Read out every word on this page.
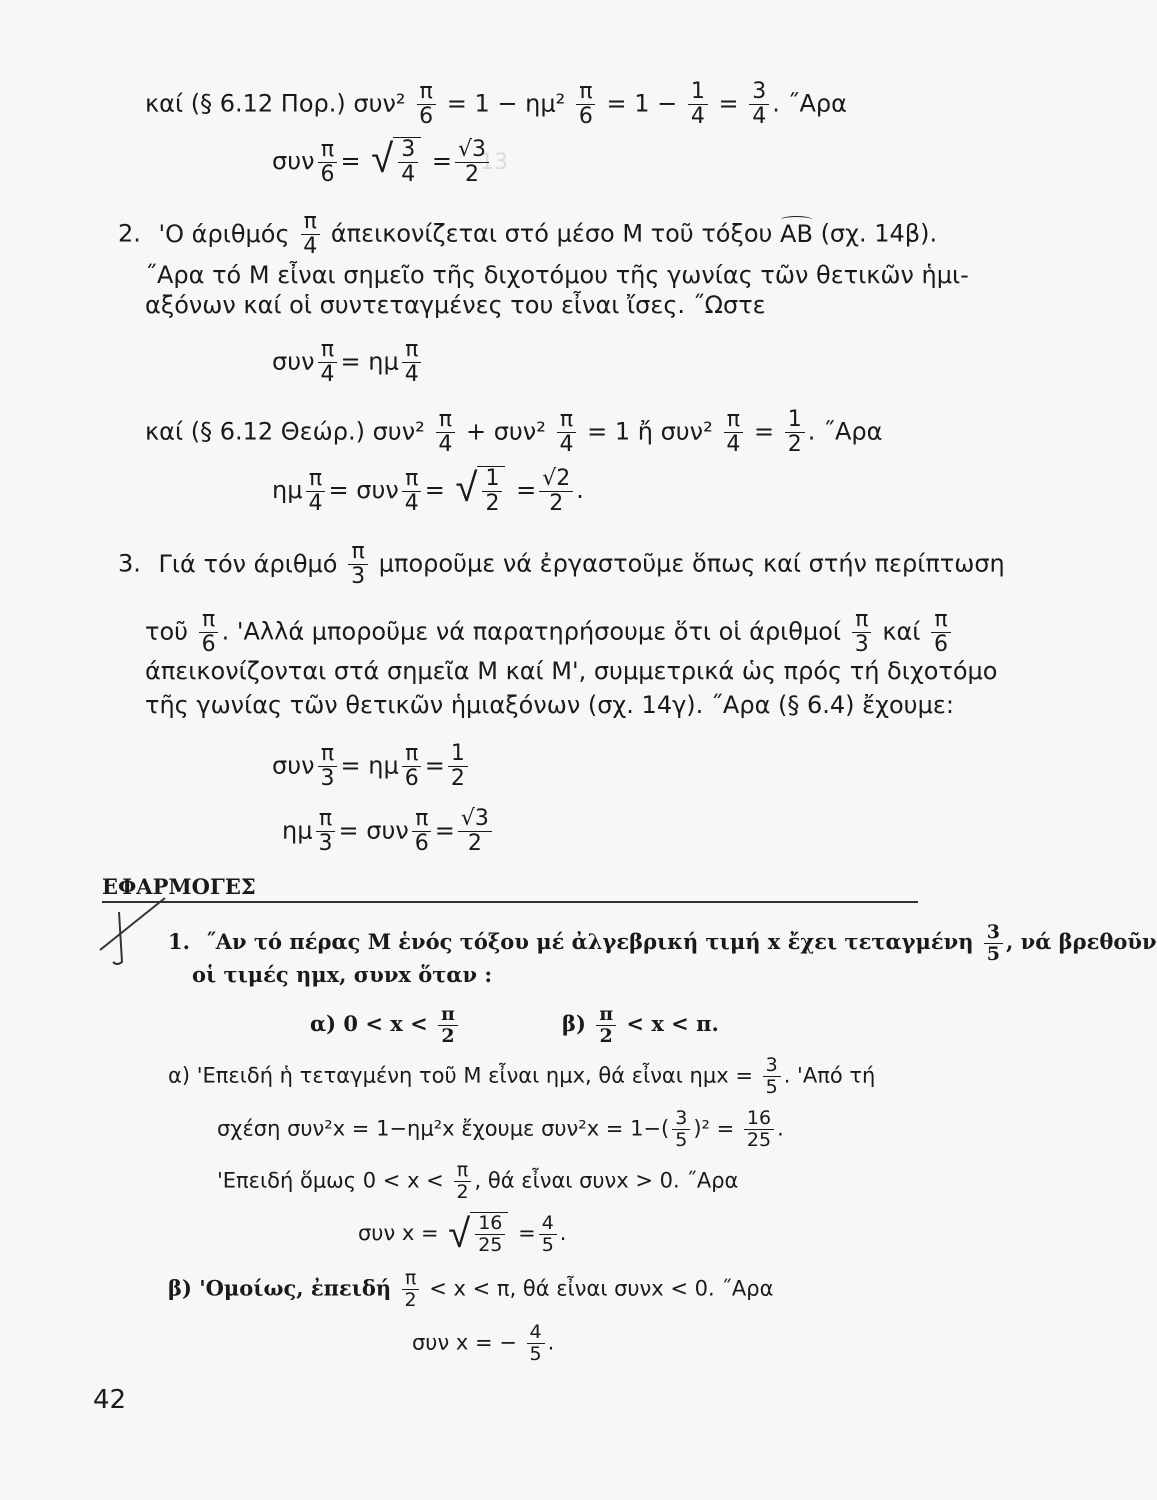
13
καί (§ 6.12 Πορ.) $\sigma\upsilon\nu^2 \frac{\pi}{6} = 1 - \eta\mu^2 \frac{\pi}{6} = 1 - \frac{1}{4} = \frac{3}{4}$ . ˝Αρα
συν $\frac{\pi}{6}$ = √ $\frac{3}{4} = \frac{√3}{2}$
2. 'Ο άριθμός $\frac{\pi}{4}$ άπεικονίζεται στό μέσο Μ τοῦ τόξου ΑΒ (σχ. 14β).
˝Αρα τό Μ εἶναι σημεῖο τῆς διχοτόμου τῆς γωνίας τῶν θετικῶν ἡμι-
αξόνων καί οἱ συντεταγμένες του εἶναι ἴσες. ˝Ωστε
συν $\frac{\pi}{4} = \eta\mu \frac{\pi}{4}$
καί (§ 6.12 Θεώρ.) $\sigma\upsilon\nu^2 \frac{\pi}{4} + \sigma\upsilon\nu^2 \frac{\pi}{4} = 1$ ἤ $\sigma\upsilon\nu^2 \frac{\pi}{4} = \frac{1}{2}$ . ˝Αρα
ημ $\frac{\pi}{4} = \sigma\upsilon\nu \frac{\pi}{4}$ = √ $\frac{1}{2} = \frac{√2}{2}$ .
3. Γιά τόν άριθμό $\frac{\pi}{3}$ μποροῦμε νά ἐργαστοῦμε ὅπως καί στήν περίπτωση
τοῦ $\frac{\pi}{6}$ . 'Αλλά μποροῦμε νά παρατηρήσουμε ὅτι οἱ άριθμοί $\frac{\pi}{3}$ καί $\frac{\pi}{6}$
άπεικονίζονται στά σημεῖα Μ καί Μ', συμμετρικά ὡς πρός τή διχοτόμο
τῆς γωνίας τῶν θετικῶν ἡμιαξόνων (σχ. 14γ). ˝Αρα (§ 6.4) ἔχουμε:
συν $\frac{\pi}{3} = \eta\mu \frac{\pi}{6} = \frac{1}{2}$
ημ $\frac{\pi}{3} = \sigma\upsilon\nu \frac{\pi}{6} = \frac{√3}{2}$
ΕΦΑΡΜΟΓΕΣ
1. ˝Αν τό πέρας Μ ἑνός τόξου μέ ἀλγεβρική τιμή x ἔχει τεταγμένη $\frac{3}{5}$ , νά βρεθοῦν
οἱ τιμές ημx, συνx ὅταν :
α) $0 < x < \frac{\pi}{2}$	$\beta) \frac{\pi}{2} < x < \pi$.
α) 'Επειδή ἡ τεταγμένη τοῦ Μ εἶναι ημx, θά εἶναι $\eta\mu x = \frac{3}{5}$ . 'Από τή
σχέση συν²x = 1−ημ²x ἔχουμε $\sigma\upsilon\nu^2x = 1-( \frac{3}{5} )^2 = \frac{16}{25}$ .
'Επειδή ὅμως $0 < x < \frac{\pi}{2}$ , θά εἶναι συνx > 0. ˝Αρα
συν x = √ $\frac{16}{25} = \frac{4}{5}$ .
β) 'Ομοίως, ἐπειδή $\frac{\pi}{2} < x < \pi$, θά εἶναι συνx < 0. ˝Αρα
συν x = − $\frac{4}{5}$ .
42
